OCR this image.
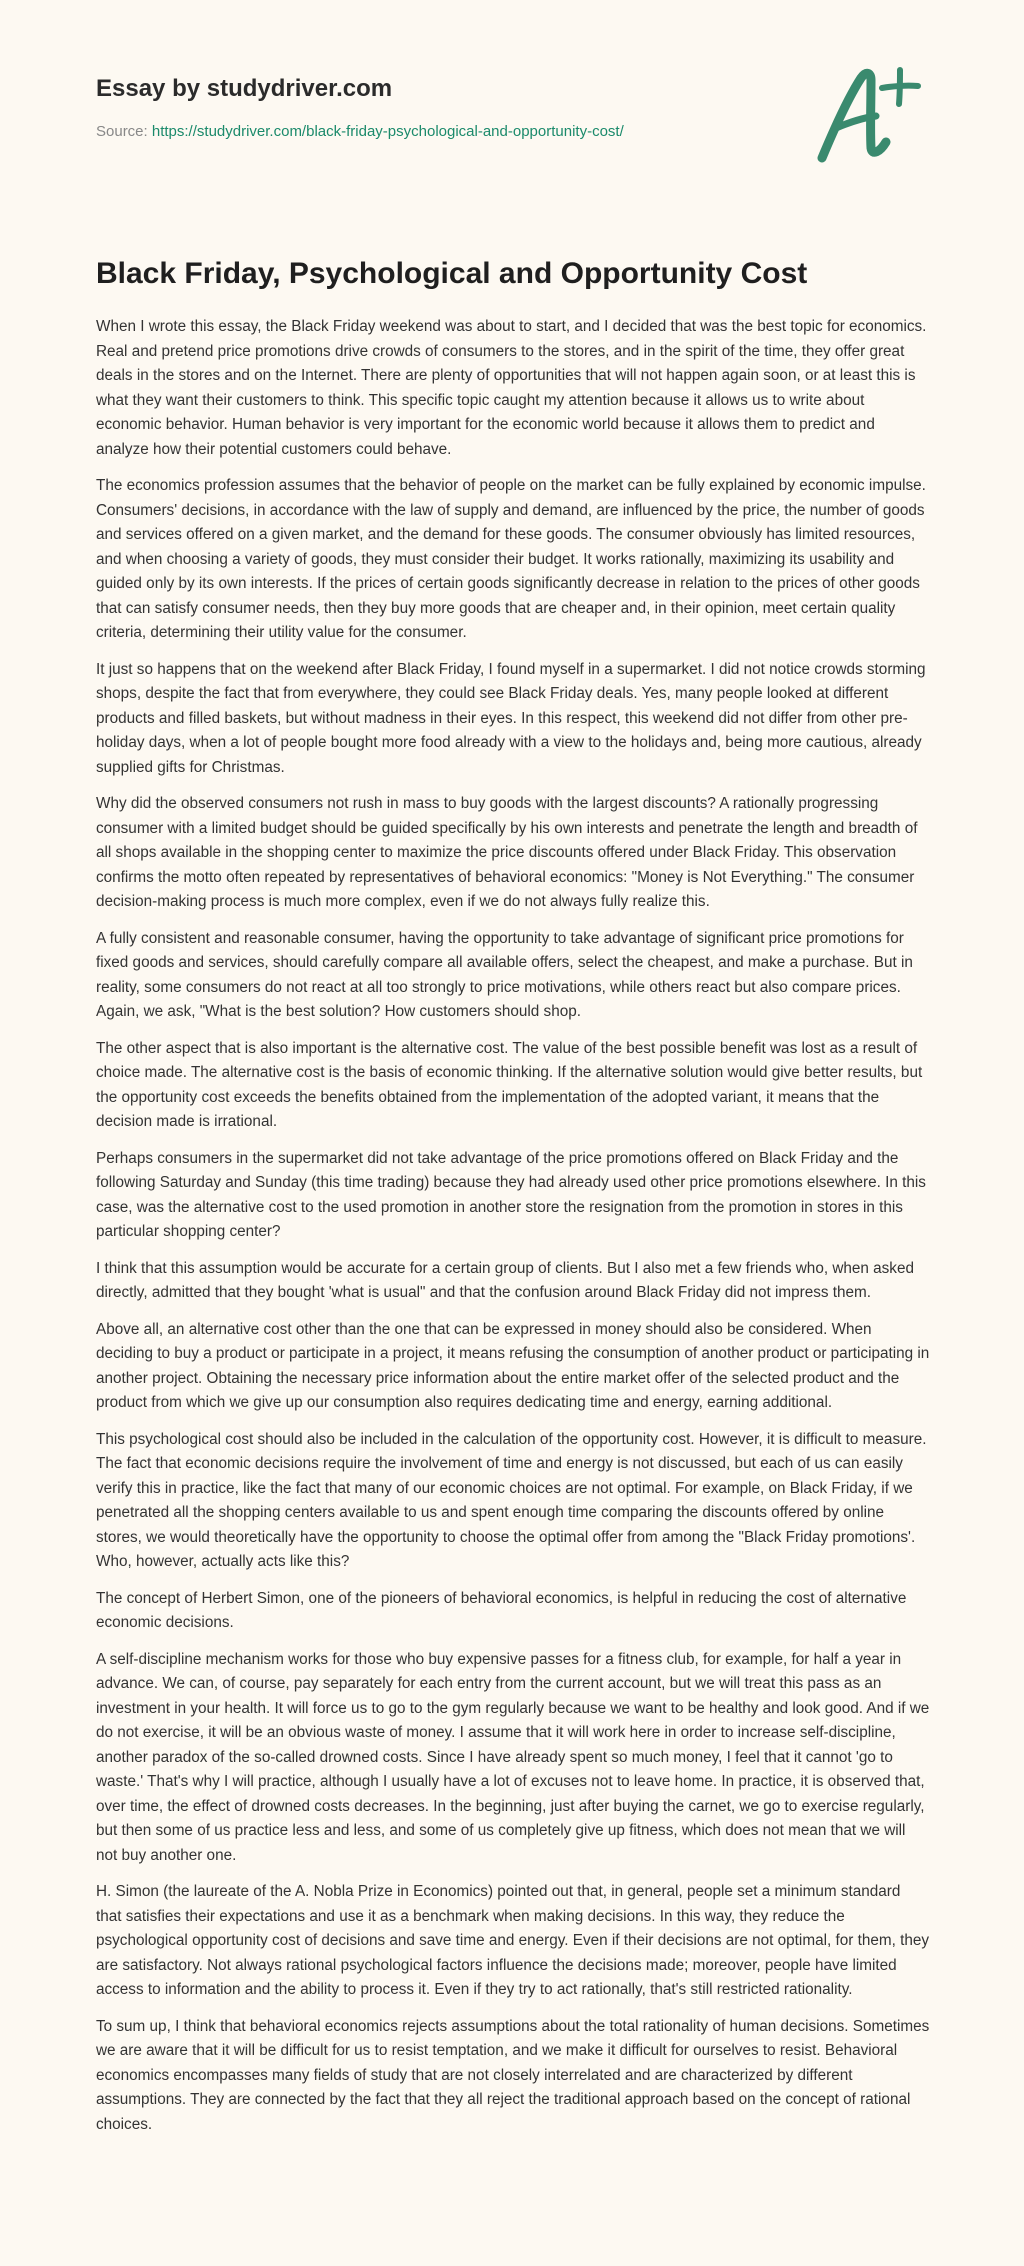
Essay by studydriver.com
Source: https://studydriver.com/black-friday-psychological-and-opportunity-cost/
Black Friday, Psychological and Opportunity Cost

When I wrote this essay, the Black Friday weekend was about to start, and I decided that was the best topic for economics. Real and pretend price promotions drive crowds of consumers to the stores, and in the spirit of the time, they offer great deals in the stores and on the Internet. There are plenty of opportunities that will not happen again soon, or at least this is what they want their customers to think. This specific topic caught my attention because it allows us to write about economic behavior. Human behavior is very important for the economic world because it allows them to predict and analyze how their potential customers could behave.

The economics profession assumes that the behavior of people on the market can be fully explained by economic impulse. Consumers' decisions, in accordance with the law of supply and demand, are influenced by the price, the number of goods and services offered on a given market, and the demand for these goods. The consumer obviously has limited resources, and when choosing a variety of goods, they must consider their budget. It works rationally, maximizing its usability and guided only by its own interests. If the prices of certain goods significantly decrease in relation to the prices of other goods that can satisfy consumer needs, then they buy more goods that are cheaper and, in their opinion, meet certain quality criteria, determining their utility value for the consumer.

It just so happens that on the weekend after Black Friday, I found myself in a supermarket. I did not notice crowds storming shops, despite the fact that from everywhere, they could see Black Friday deals. Yes, many people looked at different products and filled baskets, but without madness in their eyes. In this respect, this weekend did not differ from other pre-holiday days, when a lot of people bought more food already with a view to the holidays and, being more cautious, already supplied gifts for Christmas.

Why did the observed consumers not rush in mass to buy goods with the largest discounts? A rationally progressing consumer with a limited budget should be guided specifically by his own interests and penetrate the length and breadth of all shops available in the shopping center to maximize the price discounts offered under Black Friday. This observation confirms the motto often repeated by representatives of behavioral economics: "Money is Not Everything." The consumer decision-making process is much more complex, even if we do not always fully realize this.

A fully consistent and reasonable consumer, having the opportunity to take advantage of significant price promotions for fixed goods and services, should carefully compare all available offers, select the cheapest, and make a purchase. But in reality, some consumers do not react at all too strongly to price motivations, while others react but also compare prices. Again, we ask, "What is the best solution? How customers should shop.

The other aspect that is also important is the alternative cost. The value of the best possible benefit was lost as a result of choice made. The alternative cost is the basis of economic thinking. If the alternative solution would give better results, but the opportunity cost exceeds the benefits obtained from the implementation of the adopted variant, it means that the decision made is irrational.

Perhaps consumers in the supermarket did not take advantage of the price promotions offered on Black Friday and the following Saturday and Sunday (this time trading) because they had already used other price promotions elsewhere. In this case, was the alternative cost to the used promotion in another store the resignation from the promotion in stores in this particular shopping center?

I think that this assumption would be accurate for a certain group of clients. But I also met a few friends who, when asked directly, admitted that they bought 'what is usual" and that the confusion around Black Friday did not impress them.

Above all, an alternative cost other than the one that can be expressed in money should also be considered. When deciding to buy a product or participate in a project, it means refusing the consumption of another product or participating in another project. Obtaining the necessary price information about the entire market offer of the selected product and the product from which we give up our consumption also requires dedicating time and energy, earning additional.

This psychological cost should also be included in the calculation of the opportunity cost. However, it is difficult to measure. The fact that economic decisions require the involvement of time and energy is not discussed, but each of us can easily verify this in practice, like the fact that many of our economic choices are not optimal. For example, on Black Friday, if we penetrated all the shopping centers available to us and spent enough time comparing the discounts offered by online stores, we would theoretically have the opportunity to choose the optimal offer from among the "Black Friday promotions'. Who, however, actually acts like this?

The concept of Herbert Simon, one of the pioneers of behavioral economics, is helpful in reducing the cost of alternative economic decisions.

A self-discipline mechanism works for those who buy expensive passes for a fitness club, for example, for half a year in advance. We can, of course, pay separately for each entry from the current account, but we will treat this pass as an investment in your health. It will force us to go to the gym regularly because we want to be healthy and look good. And if we do not exercise, it will be an obvious waste of money. I assume that it will work here in order to increase self-discipline, another paradox of the so-called drowned costs. Since I have already spent so much money, I feel that it cannot 'go to waste.' That's why I will practice, although I usually have a lot of excuses not to leave home. In practice, it is observed that, over time, the effect of drowned costs decreases. In the beginning, just after buying the carnet, we go to exercise regularly, but then some of us practice less and less, and some of us completely give up fitness, which does not mean that we will not buy another one.

H. Simon (the laureate of the A. Nobla Prize in Economics) pointed out that, in general, people set a minimum standard that satisfies their expectations and use it as a benchmark when making decisions. In this way, they reduce the psychological opportunity cost of decisions and save time and energy. Even if their decisions are not optimal, for them, they are satisfactory. Not always rational psychological factors influence the decisions made; moreover, people have limited access to information and the ability to process it. Even if they try to act rationally, that's still restricted rationality.

To sum up, I think that behavioral economics rejects assumptions about the total rationality of human decisions. Sometimes we are aware that it will be difficult for us to resist temptation, and we make it difficult for ourselves to resist. Behavioral economics encompasses many fields of study that are not closely interrelated and are characterized by different assumptions. They are connected by the fact that they all reject the traditional approach based on the concept of rational choices.
